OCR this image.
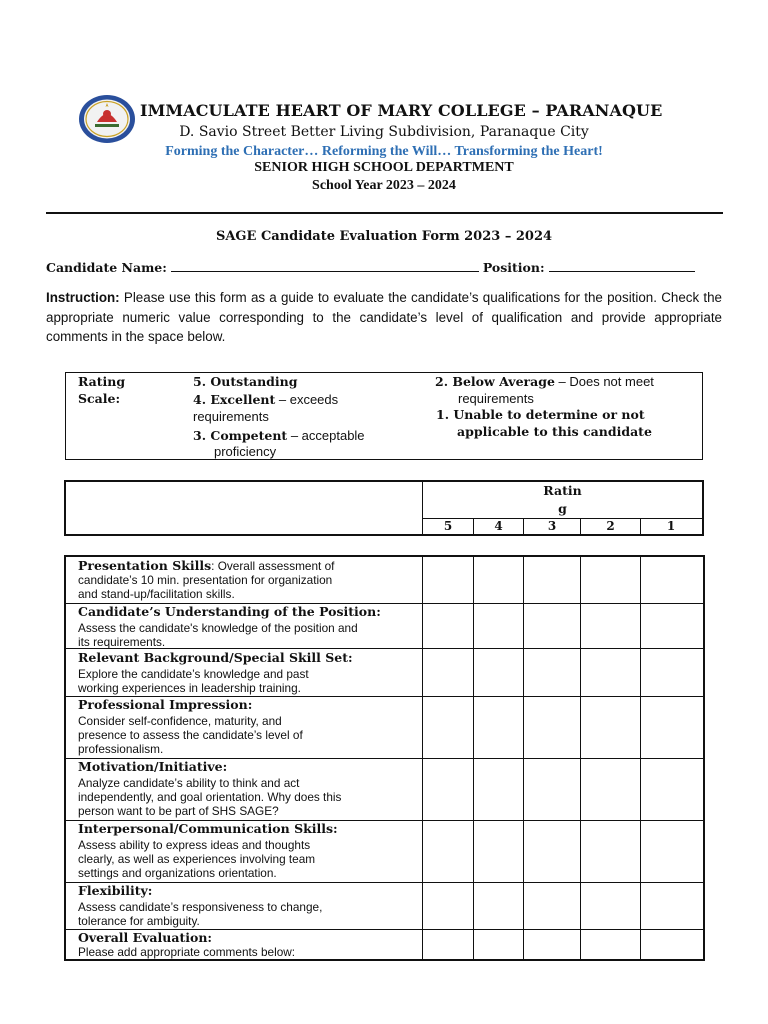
IMMACULATE HEART OF MARY COLLEGE – PARANAQUE
D. Savio Street Better Living Subdivision, Paranaque City
Forming the Character… Reforming the Will… Transforming the Heart!
SENIOR HIGH SCHOOL DEPARTMENT
School Year 2023 – 2024
SAGE Candidate Evaluation Form 2023 – 2024
Candidate Name:	Position:
Instruction: Please use this form as a guide to evaluate the candidate’s qualifications for the position. Check the appropriate numeric value corresponding to the candidate’s level of qualification and provide appropriate comments in the space below.
Rating
Scale:
5. Outstanding
4. Excellent – exceeds
requirements
3. Competent – acceptable
proficiency
2. Below Average – Does not meet
requirements
1. Unable to determine or not
applicable to this candidate
Ratin
g
5	4	3	2	1
Presentation Skills: Overall assessment of
candidate’s 10 min. presentation for organization
and stand-up/facilitation skills.
Candidate’s Understanding of the Position:
Assess the candidate's knowledge of the position and
its requirements.
Relevant Background/Special Skill Set:
Explore the candidate’s knowledge and past
working experiences in leadership training.
Professional Impression:
Consider self-confidence, maturity, and
presence to assess the candidate’s level of
professionalism.
Motivation/Initiative:
Analyze candidate’s ability to think and act
independently, and goal orientation. Why does this
person want to be part of SHS SAGE?
Interpersonal/Communication Skills:
Assess ability to express ideas and thoughts
clearly, as well as experiences involving team
settings and organizations orientation.
Flexibility:
Assess candidate’s responsiveness to change,
tolerance for ambiguity.
Overall Evaluation:
Please add appropriate comments below:
